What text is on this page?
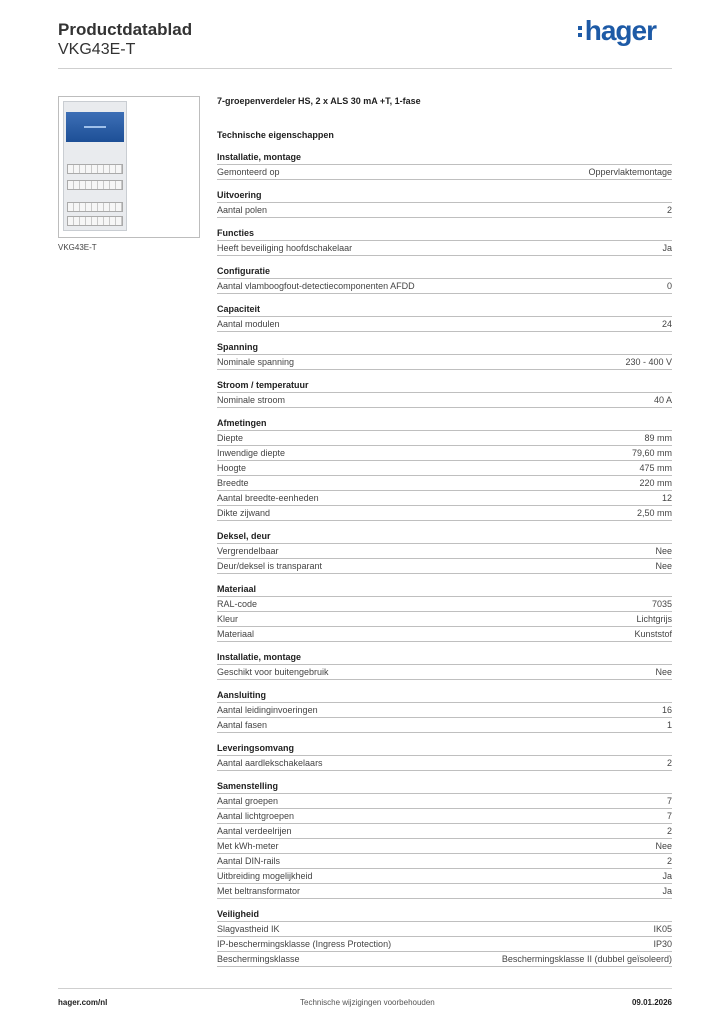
Productdatablad
VKG43E-T
hager
VKG43E-T
7-groepenverdeler HS, 2 x ALS 30 mA +T, 1-fase
Technische eigenschappen
Installatie, montage
Gemonteerd op	Oppervlaktemontage
Uitvoering
Aantal polen	2
Functies
Heeft beveiliging hoofdschakelaar	Ja
Configuratie
Aantal vlamboogfout-detectiecomponenten AFDD	0
Capaciteit
Aantal modulen	24
Spanning
Nominale spanning	230 - 400 V
Stroom / temperatuur
Nominale stroom	40 A
Afmetingen
Diepte	89 mm
Inwendige diepte	79,60 mm
Hoogte	475 mm
Breedte	220 mm
Aantal breedte-eenheden	12
Dikte zijwand	2,50 mm
Deksel, deur
Vergrendelbaar	Nee
Deur/deksel is transparant	Nee
Materiaal
RAL-code	7035
Kleur	Lichtgrijs
Materiaal	Kunststof
Installatie, montage
Geschikt voor buitengebruik	Nee
Aansluiting
Aantal leidinginvoeringen	16
Aantal fasen	1
Leveringsomvang
Aantal aardlekschakelaars	2
Samenstelling
Aantal groepen	7
Aantal lichtgroepen	7
Aantal verdeelrijen	2
Met kWh-meter	Nee
Aantal DIN-rails	2
Uitbreiding mogelijkheid	Ja
Met beltransformator	Ja
Veiligheid
Slagvastheid IK	IK05
IP-beschermingsklasse (Ingress Protection)	IP30
Beschermingsklasse	Beschermingsklasse II (dubbel geïsoleerd)
hager.com/nl	Technische wijzigingen voorbehouden	09.01.2026
